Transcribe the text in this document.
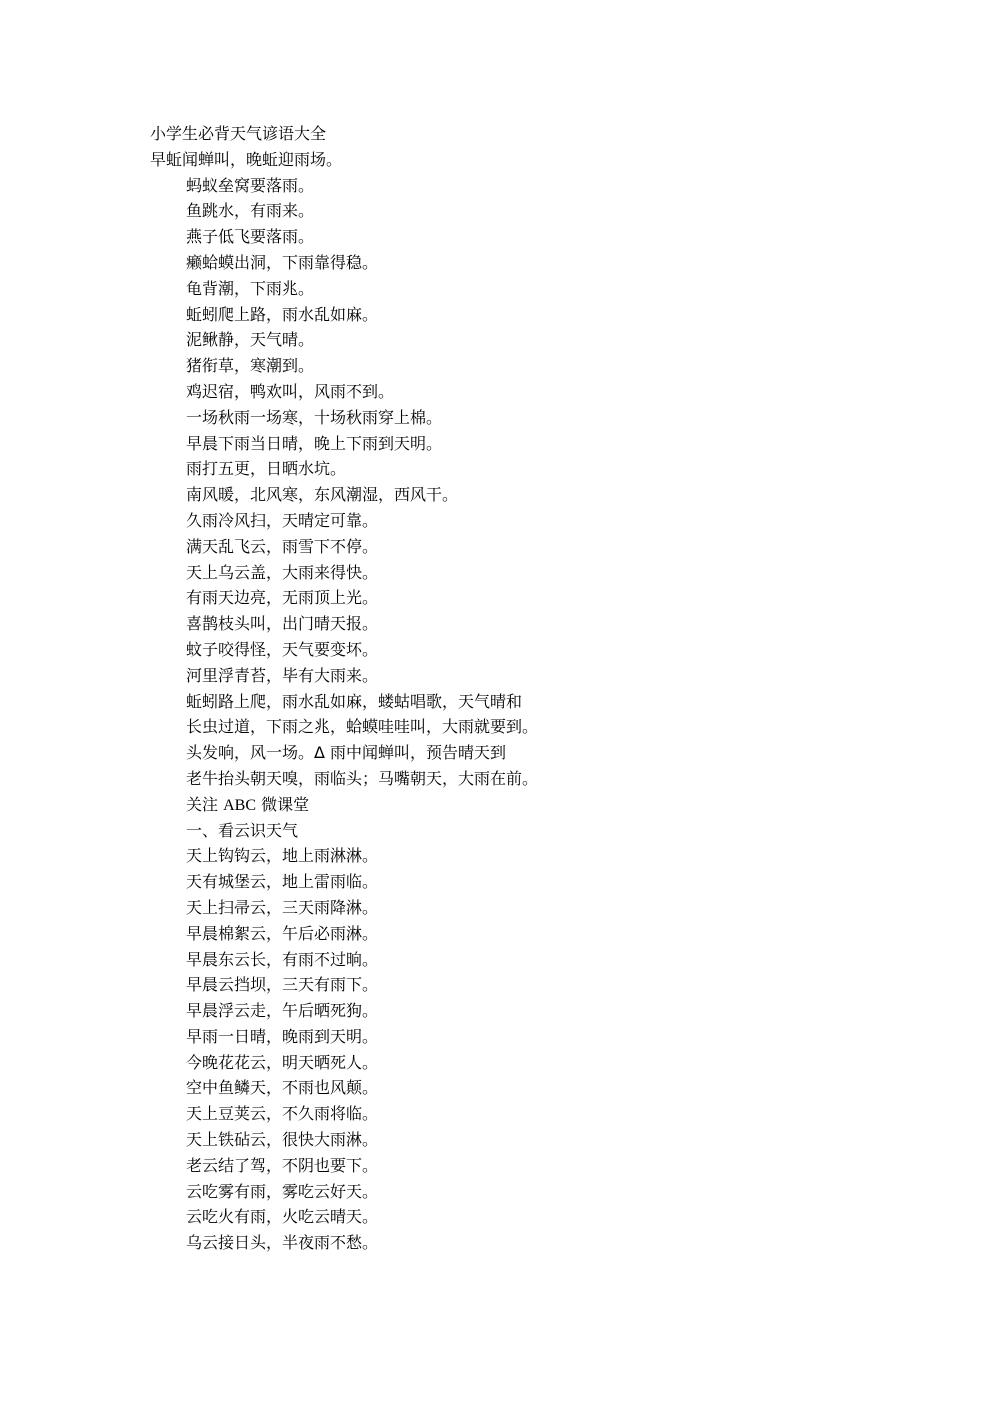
小学生必背天气谚语大全
早蚯闻蝉叫，晚蚯迎雨场。
蚂蚁垒窝要落雨。
鱼跳水，有雨来。
燕子低飞要落雨。
癞蛤蟆出洞，下雨靠得稳。
龟背潮，下雨兆。
蚯蚓爬上路，雨水乱如麻。
泥鳅静，天气晴。
猪衔草，寒潮到。
鸡迟宿，鸭欢叫，风雨不到。
一场秋雨一场寒，十场秋雨穿上棉。
早晨下雨当日晴，晚上下雨到天明。
雨打五更，日晒水坑。
南风暖，北风寒，东风潮湿，西风干。
久雨冷风扫，天晴定可靠。
满天乱飞云，雨雪下不停。
天上乌云盖，大雨来得快。
有雨天边亮，无雨顶上光。
喜鹊枝头叫，出门晴天报。
蚊子咬得怪，天气要变坏。
河里浮青苔，毕有大雨来。
蚯蚓路上爬，雨水乱如麻，蝼蛄唱歌，天气晴和
长虫过道，下雨之兆，蛤蟆哇哇叫，大雨就要到。
头发响，风一场。Δ 雨中闻蝉叫，预告晴天到
老牛抬头朝天嗅，雨临头；马嘴朝天，大雨在前。
关注 ABC 微课堂
一、看云识天气
天上钩钩云，地上雨淋淋。
天有城堡云，地上雷雨临。
天上扫帚云，三天雨降淋。
早晨棉絮云，午后必雨淋。
早晨东云长，有雨不过晌。
早晨云挡坝，三天有雨下。
早晨浮云走，午后晒死狗。
早雨一日晴，晚雨到天明。
今晚花花云，明天晒死人。
空中鱼鳞天，不雨也风颠。
天上豆荚云，不久雨将临。
天上铁砧云，很快大雨淋。
老云结了驾，不阴也要下。
云吃雾有雨，雾吃云好天。
云吃火有雨，火吃云晴天。
乌云接日头，半夜雨不愁。
